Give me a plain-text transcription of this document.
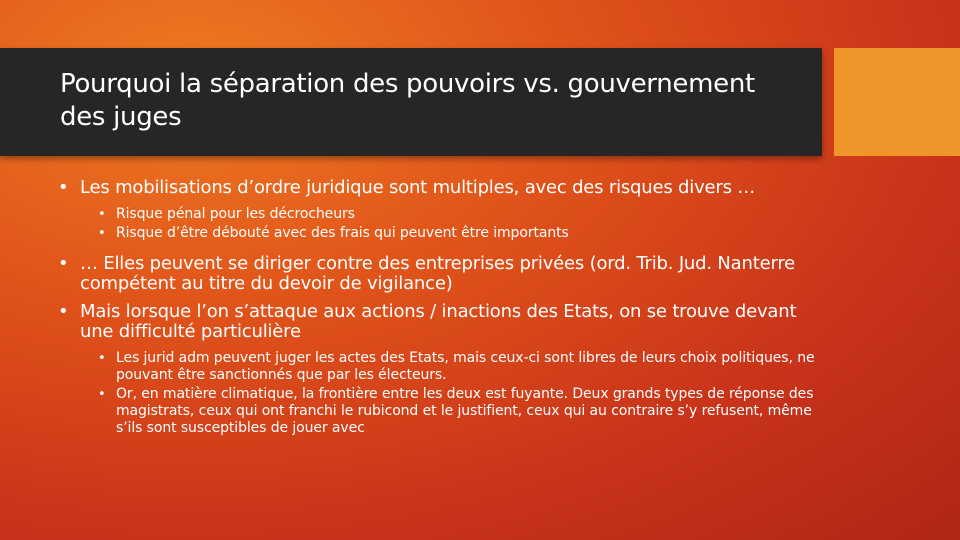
Pourquoi la séparation des pouvoirs vs. gouvernement des juges
• Les mobilisations d’ordre juridique sont multiples, avec des risques divers …
• Risque pénal pour les décrocheurs
• Risque d’être débouté avec des frais qui peuvent être importants
• … Elles peuvent se diriger contre des entreprises privées (ord. Trib. Jud. Nanterre compétent au titre du devoir de vigilance)
• Mais lorsque l’on s’attaque aux actions / inactions des Etats, on se trouve devant une difficulté particulière
• Les jurid adm peuvent juger les actes des Etats, mais ceux-ci sont libres de leurs choix politiques, ne pouvant être sanctionnés que par les électeurs.
• Or, en matière climatique, la frontière entre les deux est fuyante. Deux grands types de réponse des magistrats, ceux qui ont franchi le rubicond et le justifient, ceux qui au contraire s’y refusent, même s’ils sont susceptibles de jouer avec
